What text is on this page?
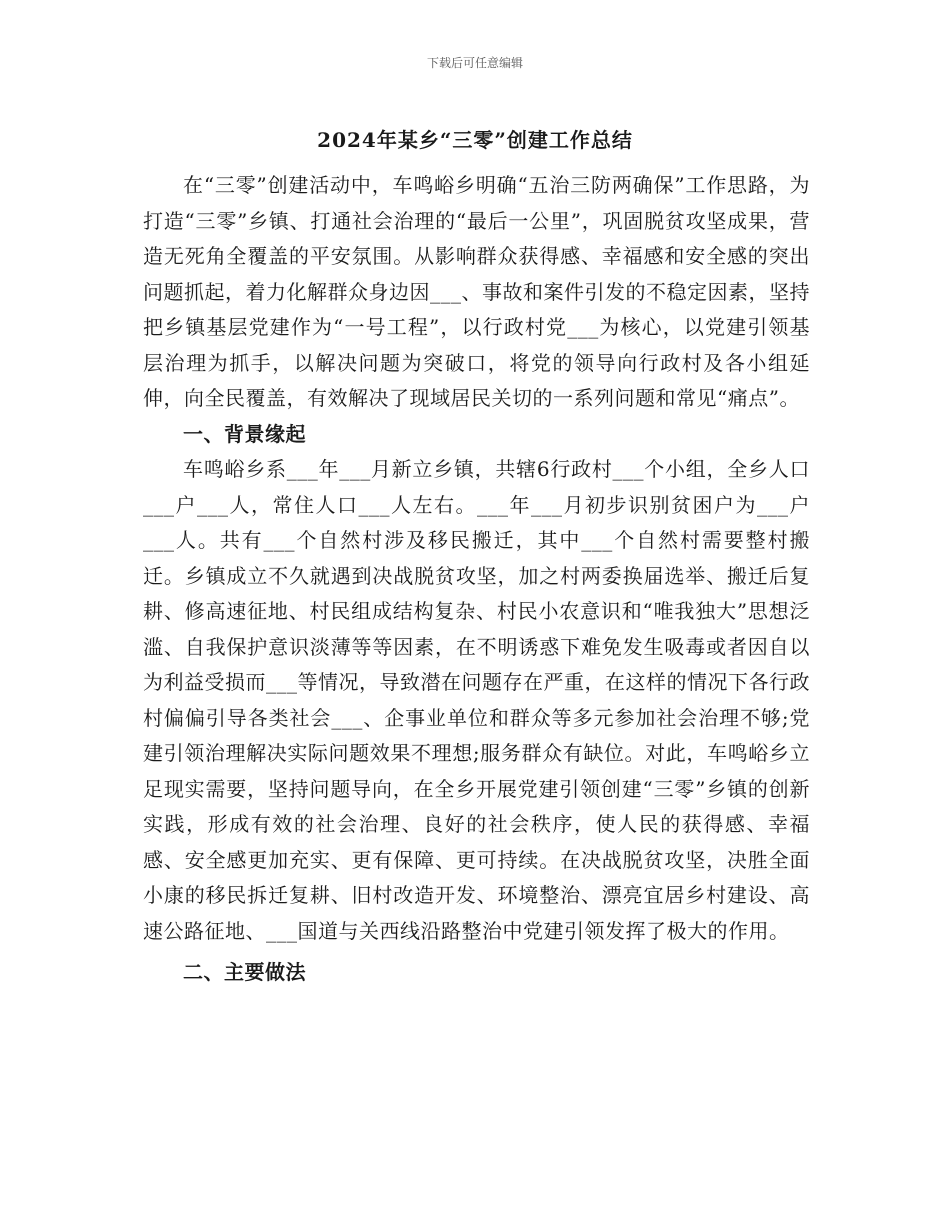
下载后可任意编辑
2024年某乡“三零”创建工作总结

在“三零”创建活动中，车鸣峪乡明确“五治三防两确保”工作思路，为打造“三零”乡镇、打通社会治理的“最后一公里”，巩固脱贫攻坚成果，营造无死角全覆盖的平安氛围。从影响群众获得感、幸福感和安全感的突出问题抓起，着力化解群众身边因___、事故和案件引发的不稳定因素，坚持把乡镇基层党建作为“一号工程”，以行政村党___为核心，以党建引领基层治理为抓手，以解决问题为突破口，将党的领导向行政村及各小组延伸，向全民覆盖，有效解决了现域居民关切的一系列问题和常见“痛点”。

一、背景缘起

车鸣峪乡系___年___月新立乡镇，共辖6行政村___个小组，全乡人口___户___人，常住人口___人左右。___年___月初步识别贫困户为___户___人。共有___个自然村涉及移民搬迁，其中___个自然村需要整村搬迁。乡镇成立不久就遇到决战脱贫攻坚，加之村两委换届选举、搬迁后复耕、修高速征地、村民组成结构复杂、村民小农意识和“唯我独大”思想泛滥、自我保护意识淡薄等等因素，在不明诱惑下难免发生吸毒或者因自以为利益受损而___等情况，导致潜在问题存在严重，在这样的情况下各行政村偏偏引导各类社会___、企事业单位和群众等多元参加社会治理不够;党建引领治理解决实际问题效果不理想;服务群众有缺位。对此，车鸣峪乡立足现实需要，坚持问题导向，在全乡开展党建引领创建“三零”乡镇的创新实践，形成有效的社会治理、良好的社会秩序，使人民的获得感、幸福感、安全感更加充实、更有保障、更可持续。在决战脱贫攻坚，决胜全面小康的移民拆迁复耕、旧村改造开发、环境整治、漂亮宜居乡村建设、高速公路征地、___国道与关西线沿路整治中党建引领发挥了极大的作用。

二、主要做法
